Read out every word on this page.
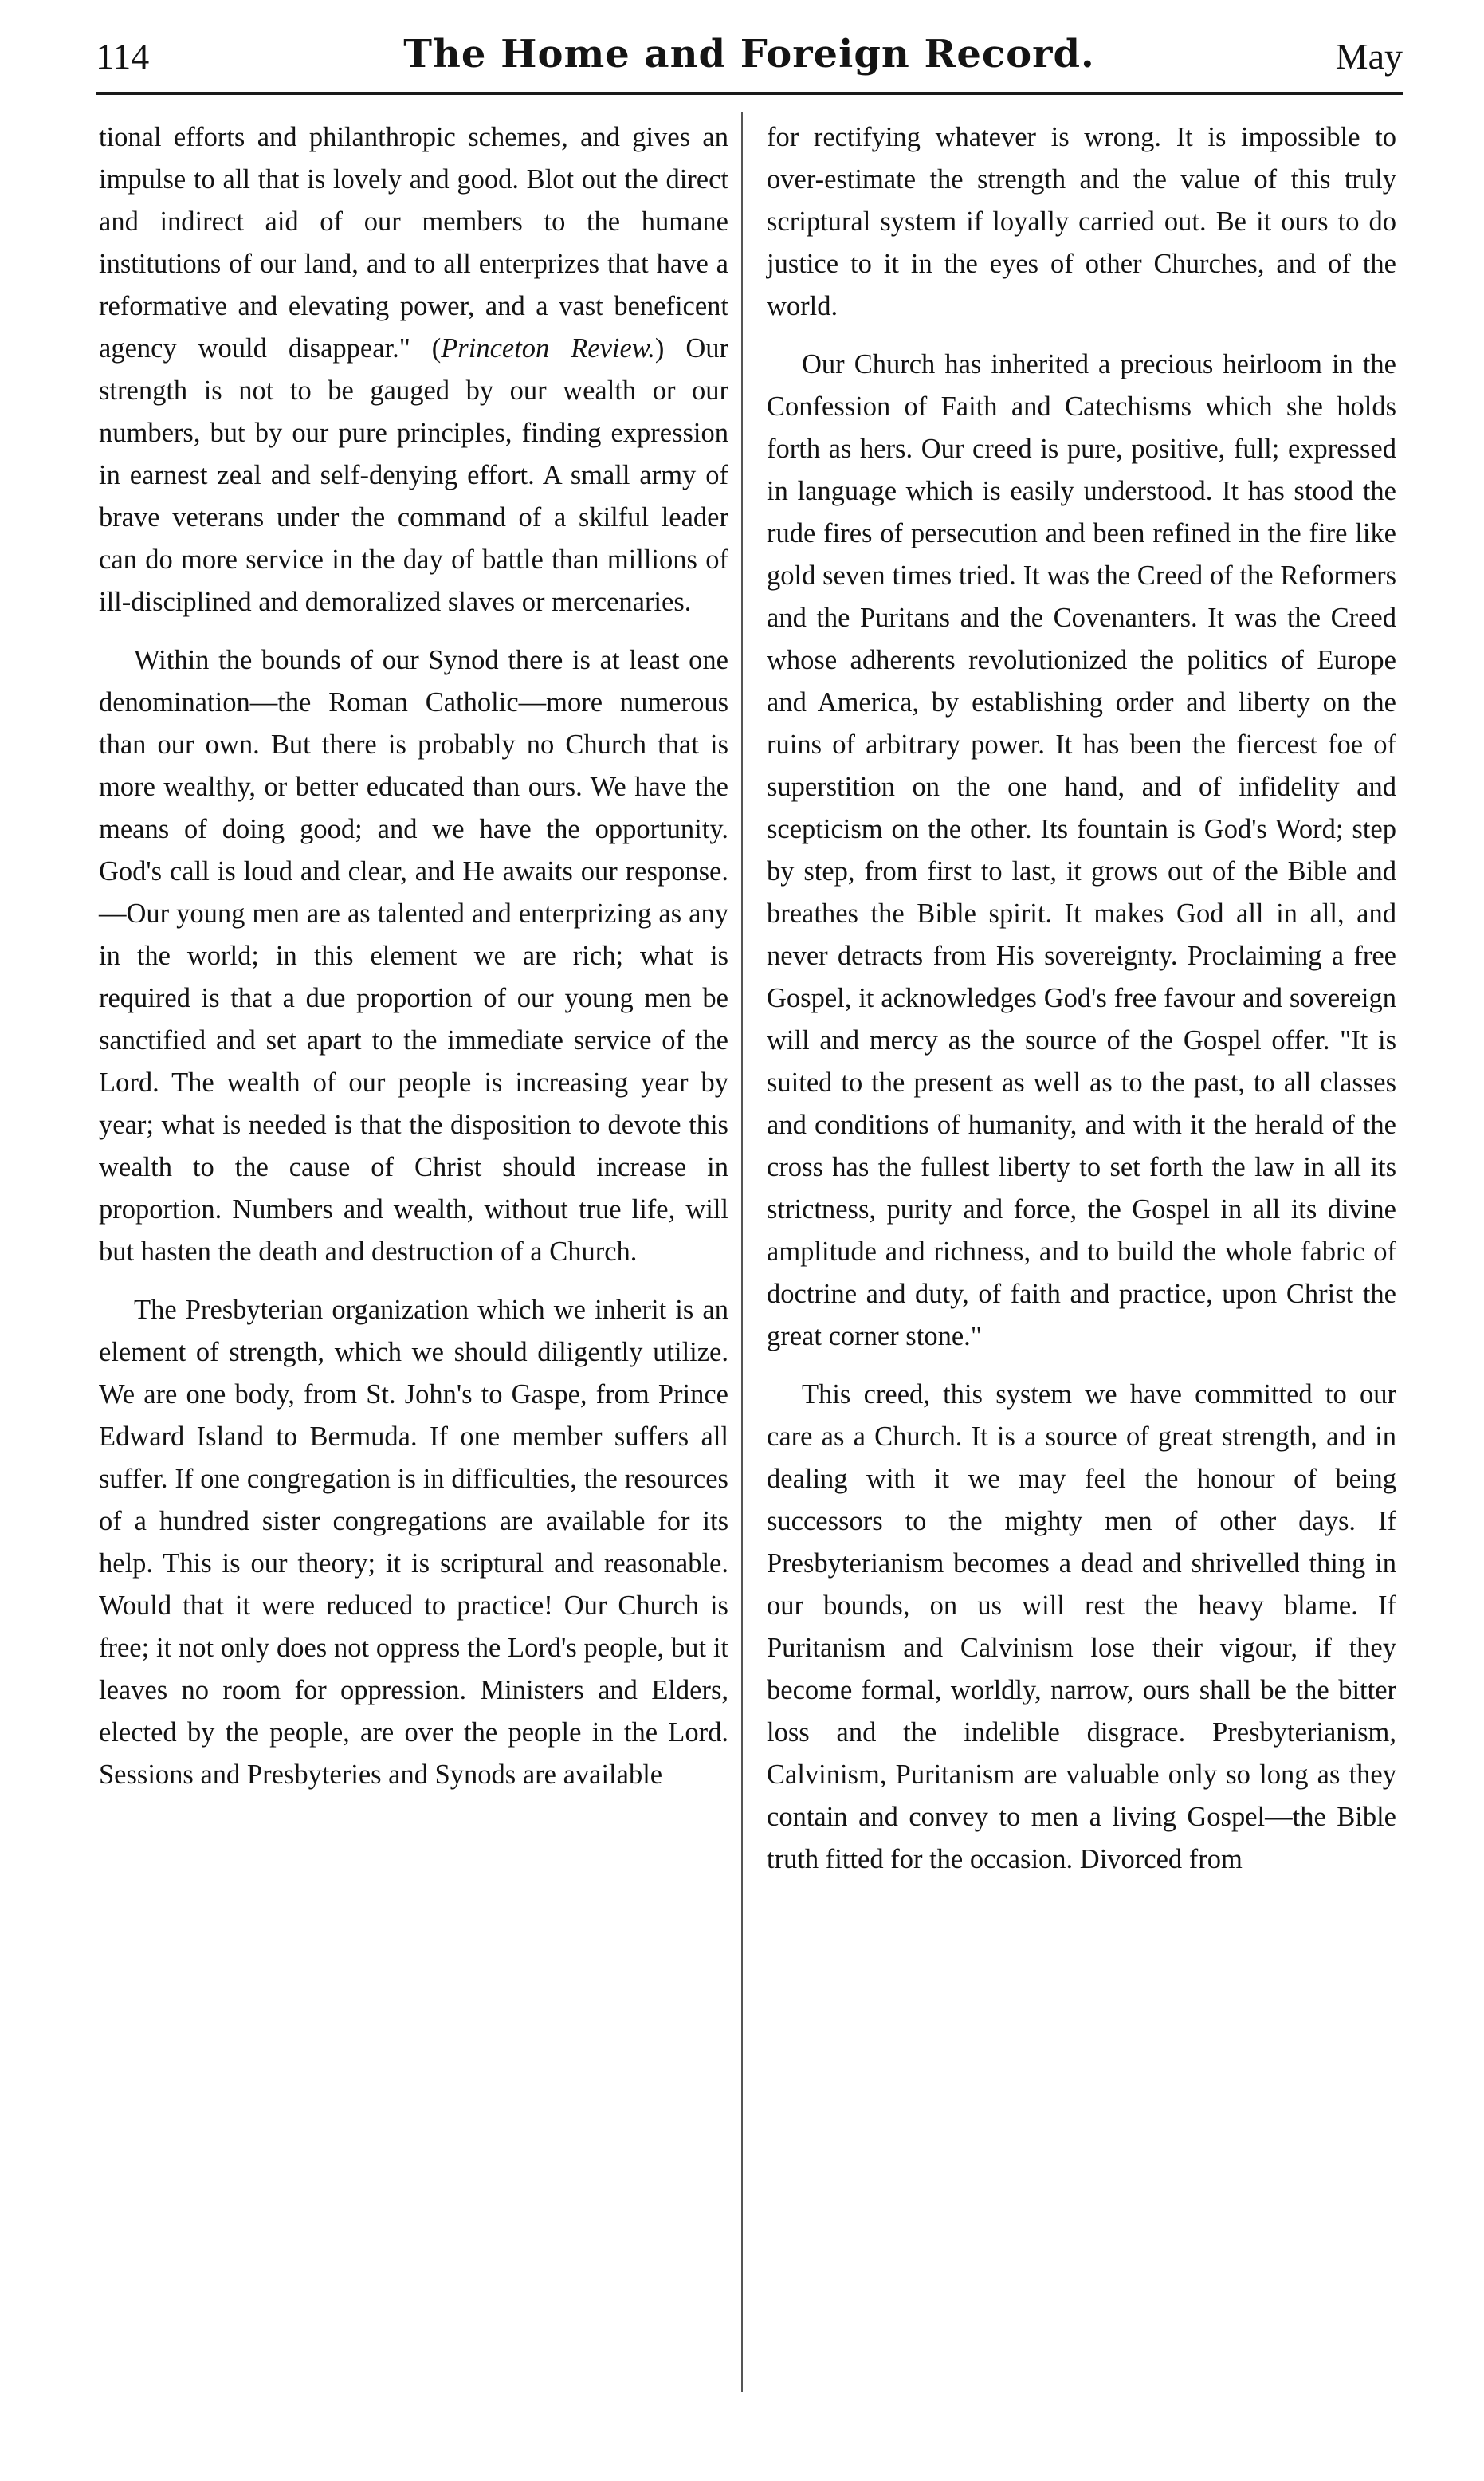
114	The Home and Foreign Record.	May

tional efforts and philanthropic schemes, and gives an impulse to all that is lovely and good. Blot out the direct and indirect aid of our members to the humane institutions of our land, and to all enterprizes that have a reformative and elevating power, and a vast beneficent agency would disappear." (Princeton Review.) Our strength is not to be gauged by our wealth or our numbers, but by our pure principles, finding expression in earnest zeal and self-denying effort. A small army of brave veterans under the command of a skilful leader can do more service in the day of battle than millions of ill-disciplined and demoralized slaves or mercenaries.

Within the bounds of our Synod there is at least one denomination—the Roman Catholic—more numerous than our own. But there is probably no Church that is more wealthy, or better educated than ours. We have the means of doing good; and we have the opportunity. God's call is loud and clear, and He awaits our response.—Our young men are as talented and enterprizing as any in the world; in this element we are rich; what is required is that a due proportion of our young men be sanctified and set apart to the immediate service of the Lord. The wealth of our people is increasing year by year; what is needed is that the disposition to devote this wealth to the cause of Christ should increase in proportion. Numbers and wealth, without true life, will but hasten the death and destruction of a Church.

The Presbyterian organization which we inherit is an element of strength, which we should diligently utilize. We are one body, from St. John's to Gaspe, from Prince Edward Island to Bermuda. If one member suffers all suffer. If one congregation is in difficulties, the resources of a hundred sister congregations are available for its help. This is our theory; it is scriptural and reasonable. Would that it were reduced to practice! Our Church is free; it not only does not oppress the Lord's people, but it leaves no room for oppression. Ministers and Elders, elected by the people, are over the people in the Lord. Sessions and Presbyteries and Synods are available

for rectifying whatever is wrong. It is impossible to over-estimate the strength and the value of this truly scriptural system if loyally carried out. Be it ours to do justice to it in the eyes of other Churches, and of the world.

Our Church has inherited a precious heirloom in the Confession of Faith and Catechisms which she holds forth as hers. Our creed is pure, positive, full; expressed in language which is easily understood. It has stood the rude fires of persecution and been refined in the fire like gold seven times tried. It was the Creed of the Reformers and the Puritans and the Covenanters. It was the Creed whose adherents revolutionized the politics of Europe and America, by establishing order and liberty on the ruins of arbitrary power. It has been the fiercest foe of superstition on the one hand, and of infidelity and scepticism on the other. Its fountain is God's Word; step by step, from first to last, it grows out of the Bible and breathes the Bible spirit. It makes God all in all, and never detracts from His sovereignty. Proclaiming a free Gospel, it acknowledges God's free favour and sovereign will and mercy as the source of the Gospel offer. "It is suited to the present as well as to the past, to all classes and conditions of humanity, and with it the herald of the cross has the fullest liberty to set forth the law in all its strictness, purity and force, the Gospel in all its divine amplitude and richness, and to build the whole fabric of doctrine and duty, of faith and practice, upon Christ the great corner stone."

This creed, this system we have committed to our care as a Church. It is a source of great strength, and in dealing with it we may feel the honour of being successors to the mighty men of other days. If Presbyterianism becomes a dead and shrivelled thing in our bounds, on us will rest the heavy blame. If Puritanism and Calvinism lose their vigour, if they become formal, worldly, narrow, ours shall be the bitter loss and the indelible disgrace. Presbyterianism, Calvinism, Puritanism are valuable only so long as they contain and convey to men a living Gospel—the Bible truth fitted for the occasion. Divorced from
